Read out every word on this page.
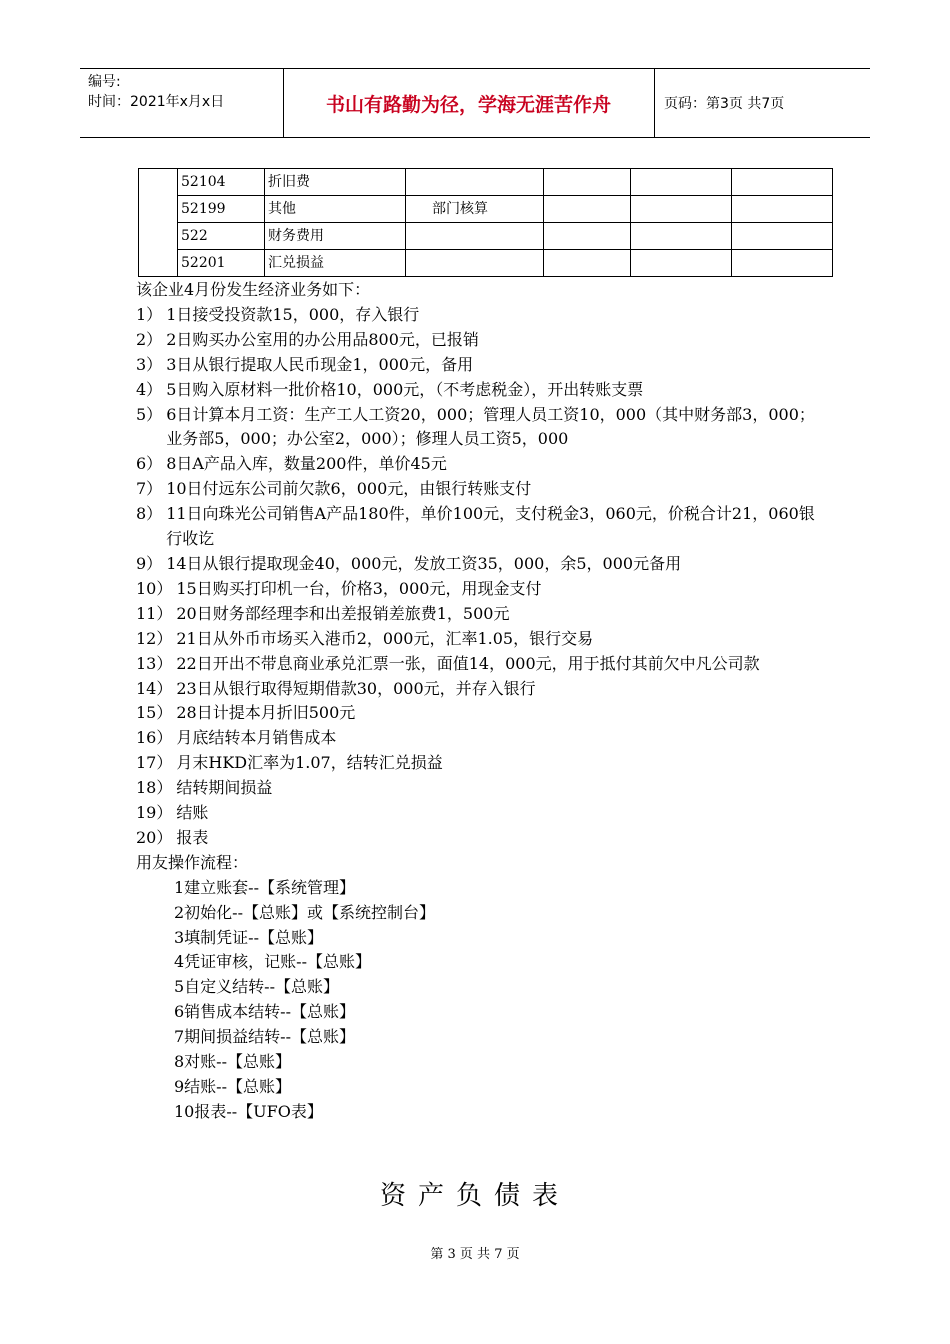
编号:
时间：2021年x月x日	书山有路勤为径，学海无涯苦作舟	页码：第3页 共7页
	52104	折旧费				
	52199	其他	部门核算			
	522	财务费用				
	52201	汇兑损益				

该企业4月份发生经济业务如下：

1） 1日接受投资款15，000，存入银行
2） 2日购买办公室用的办公用品800元，已报销
3） 3日从银行提取人民币现金1，000元，备用
4） 5日购入原材料一批价格10，000元，（不考虑税金），开出转账支票
5） 6日计算本月工资：生产工人工资20，000；管理人员工资10，000（其中财务部3，000；业务部5，000；办公室2，000）；修理人员工资5，000
6） 8日A产品入库，数量200件，单价45元
7） 10日付远东公司前欠款6，000元，由银行转账支付
8） 11日向珠光公司销售A产品180件，单价100元，支付税金3，060元，价税合计21，060银行收讫
9） 14日从银行提取现金40，000元，发放工资35，000，余5，000元备用
10） 15日购买打印机一台，价格3，000元，用现金支付
11） 20日财务部经理李和出差报销差旅费1，500元
12） 21日从外币市场买入港币2，000元，汇率1.05，银行交易
13） 22日开出不带息商业承兑汇票一张，面值14，000元，用于抵付其前欠中凡公司款
14） 23日从银行取得短期借款30，000元，并存入银行
15） 28日计提本月折旧500元
16） 月底结转本月销售成本
17） 月末HKD汇率为1.07，结转汇兑损益
18） 结转期间损益
19） 结账
20） 报表

用友操作流程：

1建立账套--【系统管理】
2初始化--【总账】或【系统控制台】
3填制凭证--【总账】
4凭证审核，记账--【总账】
5自定义结转--【总账】
6销售成本结转--【总账】
7期间损益结转--【总账】
8对账--【总账】
9结账--【总账】
10报表--【UFO表】
资产负债表
第 3 页 共 7 页
